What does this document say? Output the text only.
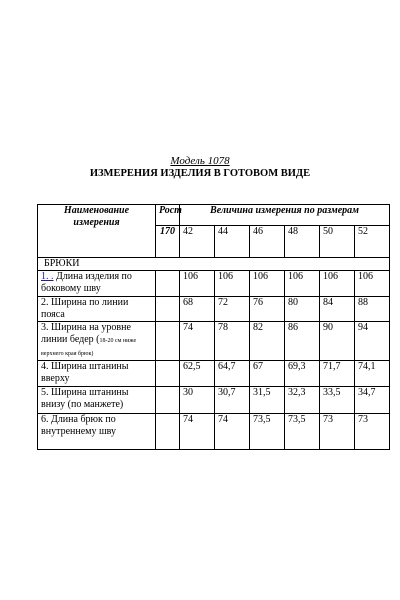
Модель 1078
ИЗМЕРЕНИЯ ИЗДЕЛИЯ В ГОТОВОМ ВИДЕ
Наименование измерения	Рост	Величина измерения по размерам					
	170	42	44	46	48	50	52
БРЮКИ							
1. . Длина изделия по боковому шву		106	106	106	106	106	106
2. Ширина по линии пояса		68	72	76	80	84	88
3. Ширина на уровне линии бедер (18-20 см ниже верхнего края брюк)		74	78	82	86	90	94
4. Ширина штанины вверху		62,5	64,7	67	69,3	71,7	74,1
5. Ширина штанины внизу (по манжете)		30	30,7	31,5	32,3	33,5	34,7
6. Длина брюк по внутреннему шву		74	74	73,5	73,5	73	73
